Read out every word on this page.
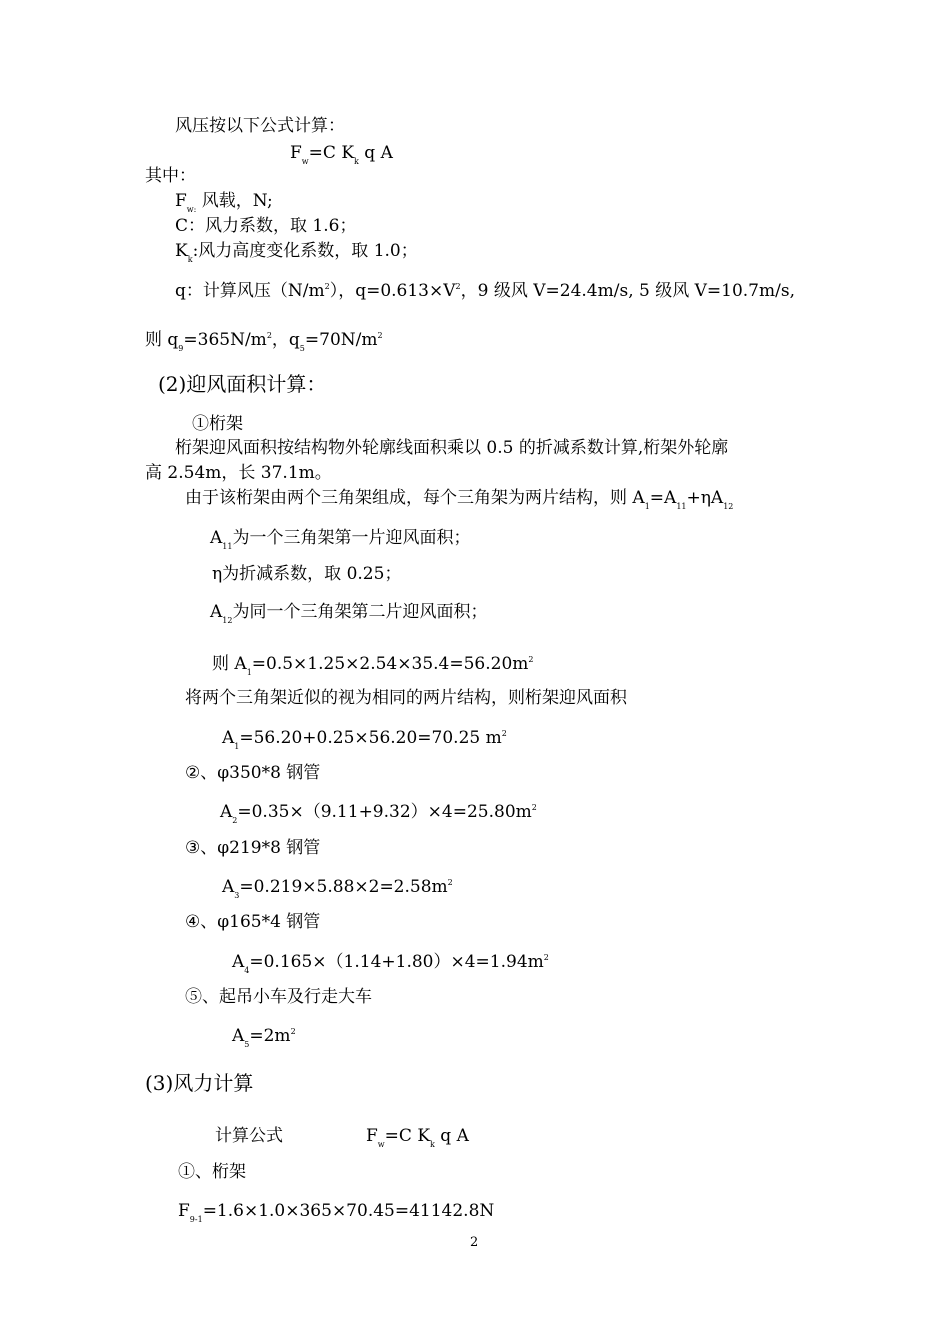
风压按以下公式计算：
$F_w=C$ $K_k$ q A
其中：
$F_{w:}$ 风载，N;
C：风力系数，取 1.6；
$K_k$:风力高度变化系数，取 1.0；
q：计算风压$(N/m^2)$，$q=0.613\times V^2$，9 级风 V=24.4m/s, 5 级风 V=10.7m/s,
则 $q_9=365N/m^2$，$q_5=70N/m^2$
(2)迎风面积计算：
①桁架
桁架迎风面积按结构物外轮廓线面积乘以 0.5 的折减系数计算,桁架外轮廓
高 2.54m，长 37.1m。
由于该桁架由两个三角架组成，每个三角架为两片结构，则 $A_1=A_{11}+\eta A_{12}$
$A_{11}$为一个三角架第一片迎风面积；
η为折减系数，取 0.25；
$A_{12}$为同一个三角架第二片迎风面积；
则 $A_1=0.5\times 1.25\times 2.54\times 35.4=56.20m^2$
将两个三角架近似的视为相同的两片结构，则桁架迎风面积
$A_1=56.20+0.25\times 56.20=70.25$ $m^2$
②、φ350*8 钢管
$A_2=0.35\times(9.11+9.32)\times 4=25.80m^2$
③、φ219*8 钢管
$A_3=0.219\times 5.88\times 2=2.58m^2$
④、φ165*4 钢管
$A_4=0.165\times(1.14+1.80)\times 4=1.94m^2$
⑤、起吊小车及行走大车
$A_5=2m^2$
(3)风力计算
计算公式	$F_w=C$ $K_k$ q A
①、桁架
$F_{9-1}=1.6\times 1.0\times 365\times 70.45=41142.8N$
2
